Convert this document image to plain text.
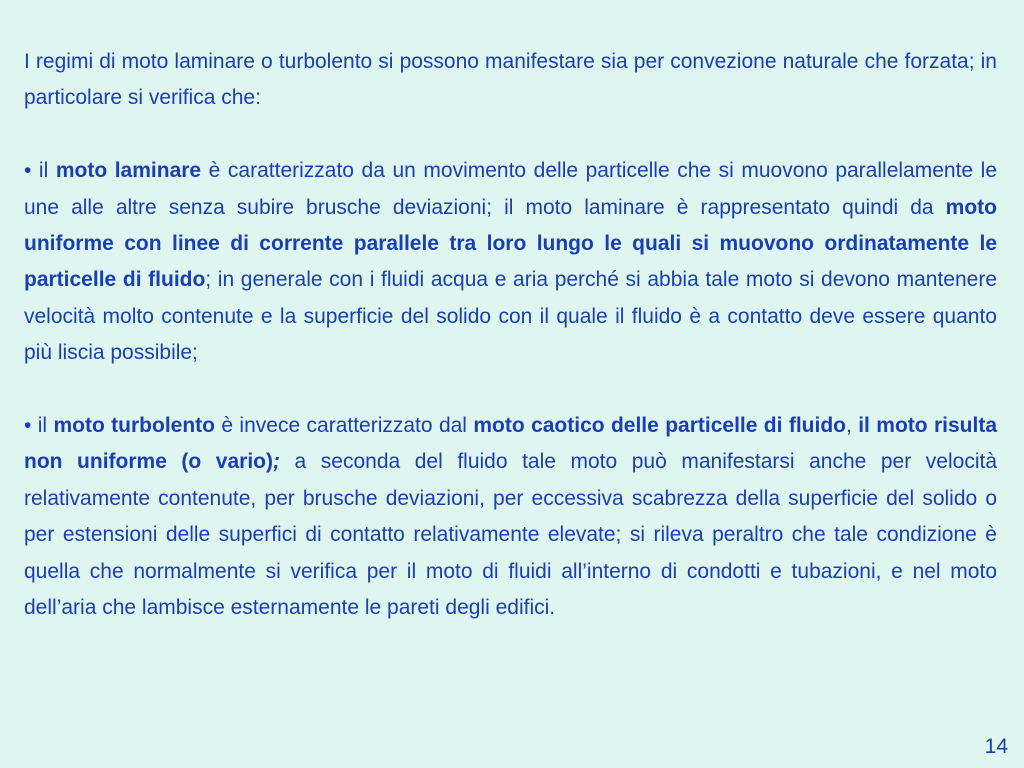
I regimi di moto laminare o turbolento si possono manifestare sia per convezione naturale che forzata; in particolare si verifica che:

• il moto laminare è caratterizzato da un movimento delle particelle che si muovono parallelamente le une alle altre senza subire brusche deviazioni; il moto laminare è rappresentato quindi da moto uniforme con linee di corrente parallele tra loro lungo le quali si muovono ordinatamente le particelle di fluido; in generale con i fluidi acqua e aria perché si abbia tale moto si devono mantenere velocità molto contenute e la superficie del solido con il quale il fluido è a contatto deve essere quanto più liscia possibile;

• il moto turbolento è invece caratterizzato dal moto caotico delle particelle di fluido, il moto risulta non uniforme (o vario); a seconda del fluido tale moto può manifestarsi anche per velocità relativamente contenute, per brusche deviazioni, per eccessiva scabrezza della superficie del solido o per estensioni delle superfici di contatto relativamente elevate; si rileva peraltro che tale condizione è quella che normalmente si verifica per il moto di fluidi all’interno di condotti e tubazioni, e nel moto dell’aria che lambisce esternamente le pareti degli edifici.

14
